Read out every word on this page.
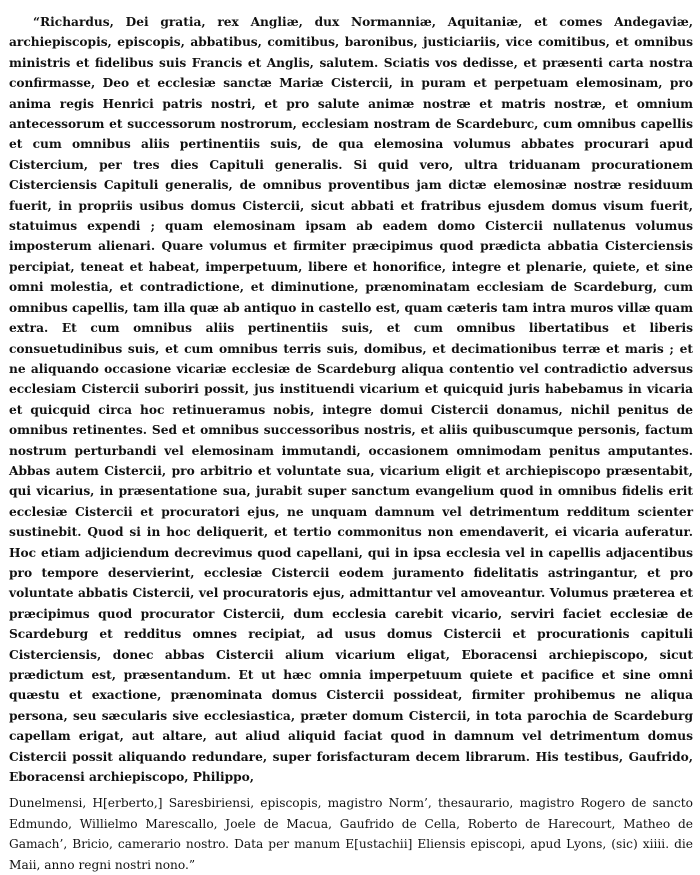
“Richardus, Dei gratia, rex Angliæ, dux Normanniæ, Aquitaniæ, et comes Andegaviæ, archiepiscopis, episcopis, abbatibus, comitibus, baronibus, justiciariis, vice comitibus, et omnibus ministris et fidelibus suis Francis et Anglis, salutem. Sciatis vos dedisse, et præsenti carta nostra confirmasse, Deo et ecclesiæ sanctæ Mariæ Cistercii, in puram et perpetuam elemosinam, pro anima regis Henrici patris nostri, et pro salute animæ nostræ et matris nostræ, et omnium antecessorum et successorum nostrorum, ecclesiam nostram de Scardeburc, cum omnibus capellis et cum omnibus aliis pertinentiis suis, de qua elemosina volumus abbates procurari apud Cistercium, per tres dies Capituli generalis. Si quid vero, ultra triduanam procurationem Cisterciensis Capituli generalis, de omnibus proventibus jam dictæ elemosinæ nostræ residuum fuerit, in propriis usibus domus Cistercii, sicut abbati et fratribus ejusdem domus visum fuerit, statuimus expendi ; quam elemosinam ipsam ab eadem domo Cistercii nullatenus volumus imposterum alienari. Quare volumus et firmiter præcipimus quod prædicta abbatia Cisterciensis percipiat, teneat et habeat, imperpetuum, libere et honorifice, integre et plenarie, quiete, et sine omni molestia, et contradictione, et diminutione, prænominatam ecclesiam de Scardeburg, cum omnibus capellis, tam illa quæ ab antiquo in castello est, quam cæteris tam intra muros villæ quam extra. Et cum omnibus aliis pertinentiis suis, et cum omnibus libertatibus et liberis consuetudinibus suis, et cum omnibus terris suis, domibus, et decimationibus terræ et maris ; et ne aliquando occasione vicariæ ecclesiæ de Scardeburg aliqua contentio vel contradictio adversus ecclesiam Cistercii suboriri possit, jus instituendi vicarium et quicquid juris habebamus in vicaria et quicquid circa hoc retinueramus nobis, integre domui Cistercii donamus, nichil penitus de omnibus retinentes. Sed et omnibus successoribus nostris, et aliis quibuscumque personis, factum nostrum perturbandi vel elemosinam immutandi, occasionem omnimodam penitus amputantes. Abbas autem Cistercii, pro arbitrio et voluntate sua, vicarium eligit et archiepiscopo præsentabit, qui vicarius, in præsentatione sua, jurabit super sanctum evangelium quod in omnibus fidelis erit ecclesiæ Cistercii et procuratori ejus, ne unquam damnum vel detrimentum redditum scienter sustinebit. Quod si in hoc deliquerit, et tertio commonitus non emendaverit, ei vicaria auferatur. Hoc etiam adjiciendum decrevimus quod capellani, qui in ipsa ecclesia vel in capellis adjacentibus pro tempore deservierint, ecclesiæ Cistercii eodem juramento fidelitatis astringantur, et pro voluntate abbatis Cistercii, vel procuratoris ejus, admittantur vel amoveantur. Volumus præterea et præcipimus quod procurator Cistercii, dum ecclesia carebit vicario, serviri faciet ecclesiæ de Scardeburg et redditus omnes recipiat, ad usus domus Cistercii et procurationis capituli Cisterciensis, donec abbas Cistercii alium vicarium eligat, Eboracensi archiepiscopo, sicut prædictum est, præsentandum. Et ut hæc omnia imperpetuum quiete et pacifice et sine omni quæstu et exactione, prænominata domus Cistercii possideat, firmiter prohibemus ne aliqua persona, seu sæcularis sive ecclesiastica, præter domum Cistercii, in tota parochia de Scardeburg capellam erigat, aut altare, aut aliud aliquid faciat quod in damnum vel detrimentum domus Cistercii possit aliquando redundare, super forisfacturam decem librarum. His testibus, Gaufrido, Eboracensi archiepiscopo, Philippo,

Dunelmensi, H[erberto,] Saresbiriensi, episcopis, magistro Norm’, thesaurario, magistro Rogero de sancto Edmundo, Willielmo Marescallo, Joele de Macua, Gaufrido de Cella, Roberto de Harecourt, Matheo de Gamach’, Bricio, camerario nostro. Data per manum E[ustachii] Eliensis episcopi, apud Lyons, (sic) xiiii. die Maii, anno regni nostri nono.”
